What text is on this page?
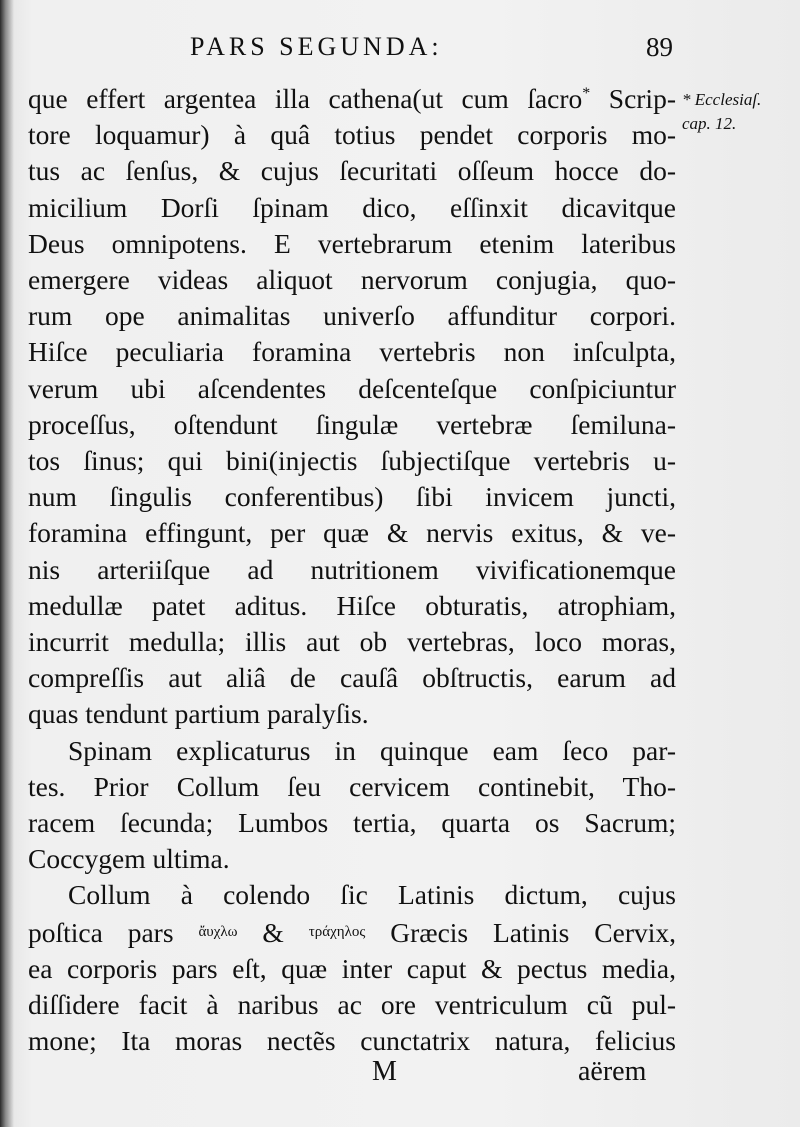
PARS SEGUNDA:	89
* Ecclesiaſ.
cap. 12.
que effert argentea illa cathena(ut cum ſacro* Scrip-
tore loquamur) à quâ totius pendet corporis mo-
tus ac ſenſus, & cujus ſecuritati oſſeum hocce do-
micilium Dorſi ſpinam dico, eſſinxit dicavitque
Deus omnipotens. E vertebrarum etenim lateribus
emergere videas aliquot nervorum conjugia, quo-
rum ope animalitas univerſo affunditur corpori.
Hiſce peculiaria foramina vertebris non inſculpta,
verum ubi aſcendentes deſcenteſque conſpiciuntur
proceſſus, oſtendunt ſingulæ vertebræ ſemiluna-
tos ſinus; qui bini(injectis ſubjectiſque vertebris u-
num ſingulis conferentibus) ſibi invicem juncti,
foramina effingunt, per quæ & nervis exitus, & ve-
nis arteriiſque ad nutritionem vivificationemque
medullæ patet aditus. Hiſce obturatis, atrophiam,
incurrit medulla; illis aut ob vertebras, loco moras,
compreſſis aut aliâ de cauſâ obſtructis, earum ad
quas tendunt partium paralyſis.
Spinam explicaturus in quinque eam ſeco par-
tes. Prior Collum ſeu cervicem continebit, Tho-
racem ſecunda; Lumbos tertia, quarta os Sacrum;
Coccygem ultima.
Collum à colendo ſic Latinis dictum, cujus
poſtica pars $^{ἄ\upsilon\chi\lambda\omega}$ & $^{\tau\rho ά\chi\eta\lambda o\varsigma}$ Græcis Latinis Cervix,
ea corporis pars eſt, quæ inter caput & pectus media,
diſſidere facit à naribus ac ore ventriculum cũ pul-
mone; Ita moras nectẽs cunctatrix natura, felicius
M	aërem
